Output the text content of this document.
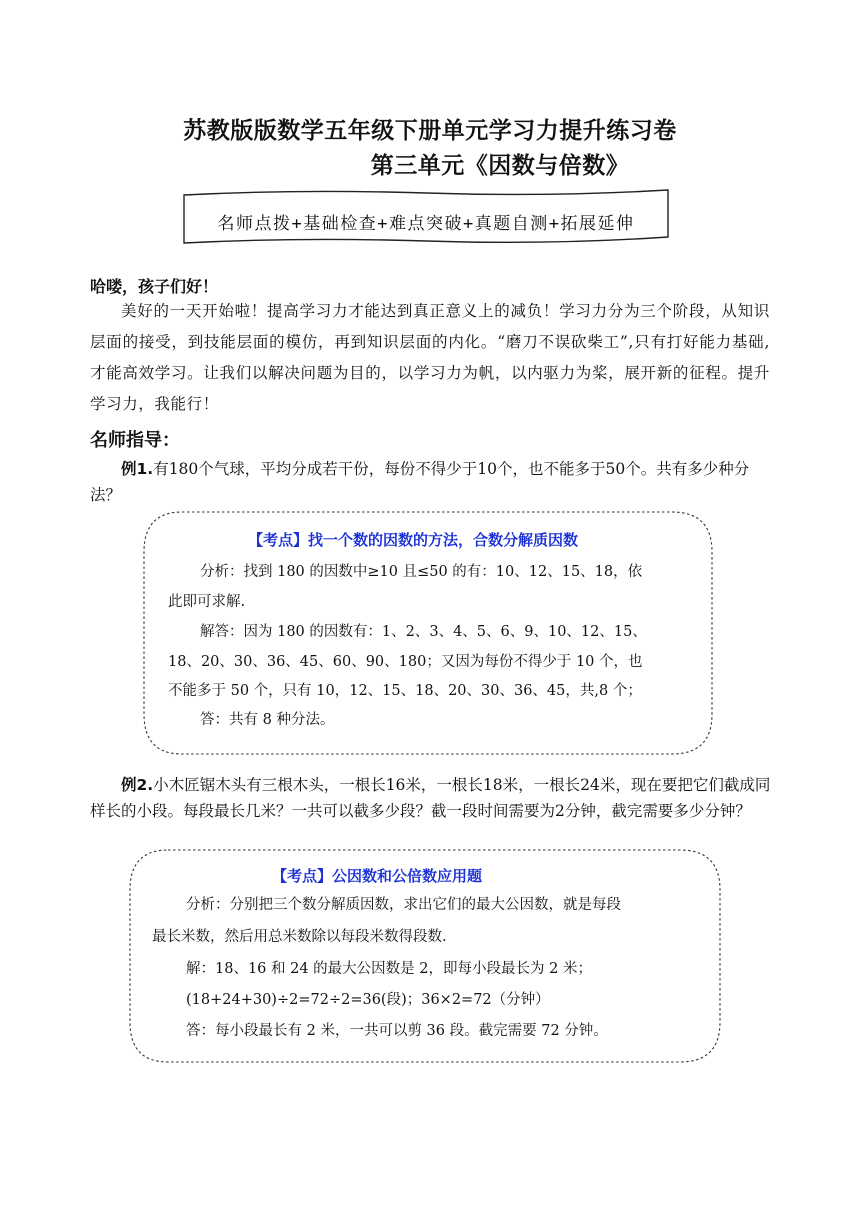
苏教版版数学五年级下册单元学习力提升练习卷
第三单元《因数与倍数》
名师点拨+基础检查+难点突破+真题自测+拓展延伸
哈喽，孩子们好！
美好的一天开始啦！提高学习力才能达到真正意义上的减负！学习力分为三个阶段，从知识层面的接受，到技能层面的模仿，再到知识层面的内化。“磨刀不误砍柴工”,只有打好能力基础,才能高效学习。让我们以解决问题为目的，以学习力为帆，以内驱力为桨，展开新的征程。提升学习力，我能行！
名师指导：
例1.有180个气球，平均分成若干份，每份不得少于10个，也不能多于50个。共有多少种分法？
【考点】找一个数的因数的方法，合数分解质因数
分析：找到 180 的因数中≥10 且≤50 的有：10、12、15、18，依
此即可求解.
解答：因为 180 的因数有：1、2、3、4、5、6、9、10、12、15、
18、20、30、36、45、60、90、180；又因为每份不得少于 10 个，也
不能多于 50 个，只有 10，12、15、18、20、30、36、45，共,8 个；
答：共有 8 种分法。
例2.小木匠锯木头有三根木头，一根长16米，一根长18米，一根长24米，现在要把它们截成同样长的小段。每段最长几米？一共可以截多少段？截一段时间需要为2分钟，截完需要多少分钟？
【考点】公因数和公倍数应用题
分析：分别把三个数分解质因数，求出它们的最大公因数，就是每段
最长米数，然后用总米数除以每段米数得段数.
解：18、16 和 24 的最大公因数是 2，即每小段最长为 2 米；
(18+24+30)÷2=72÷2=36(段)；36×2=72（分钟）
答：每小段最长有 2 米，一共可以剪 36 段。截完需要 72 分钟。
